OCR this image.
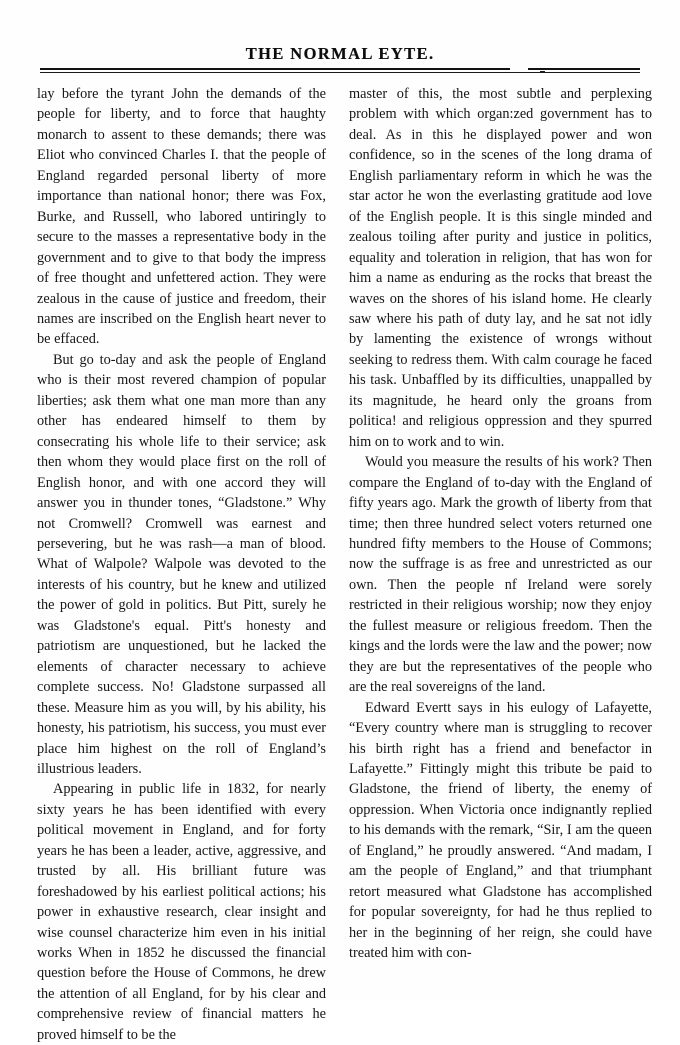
THE NORMAL EYTE.

lay before the tyrant John the demands of the people for liberty, and to force that haughty monarch to assent to these demands; there was Eliot who convinced Charles I. that the people of England regarded personal liberty of more importance than national honor; there was Fox, Burke, and Russell, who labored untiringly to secure to the masses a representative body in the government and to give to that body the impress of free thought and unfettered action. They were zealous in the cause of justice and freedom, their names are inscribed on the English heart never to be effaced.

But go to-day and ask the people of England who is their most revered champion of popular liberties; ask them what one man more than any other has endeared himself to them by consecrating his whole life to their service; ask then whom they would place first on the roll of English honor, and with one accord they will answer you in thunder tones, “Gladstone.” Why not Cromwell? Cromwell was earnest and persevering, but he was rash—a man of blood. What of Walpole? Walpole was devoted to the interests of his country, but he knew and utilized the power of gold in politics. But Pitt, surely he was Gladstone's equal. Pitt's honesty and patriotism are unquestioned, but he lacked the elements of character necessary to achieve complete success. No! Gladstone surpassed all these. Measure him as you will, by his ability, his honesty, his patriotism, his success, you must ever place him highest on the roll of England’s illustrious leaders.

Appearing in public life in 1832, for nearly sixty years he has been identified with every political movement in England, and for forty years he has been a leader, active, aggressive, and trusted by all. His brilliant future was foreshadowed by his earliest political actions; his power in exhaustive research, clear insight and wise counsel characterize him even in his initial works When in 1852 he discussed the financial question before the House of Commons, he drew the attention of all England, for by his clear and comprehensive review of financial matters he proved himself to be the

master of this, the most subtle and perplexing problem with which organ:zed government has to deal. As in this he displayed power and won confidence, so in the scenes of the long drama of English parliamentary reform in which he was the star actor he won the everlasting gratitude aod love of the English people. It is this single minded and zealous toiling after purity and justice in politics, equality and toleration in religion, that has won for him a name as enduring as the rocks that breast the waves on the shores of his island home. He clearly saw where his path of duty lay, and he sat not idly by lamenting the existence of wrongs without seeking to redress them. With calm courage he faced his task. Unbaffled by its difficulties, unappalled by its magnitude, he heard only the groans from politica! and religious oppression and they spurred him on to work and to win.

Would you measure the results of his work? Then compare the England of to-day with the England of fifty years ago. Mark the growth of liberty from that time; then three hundred select voters returned one hundred fifty members to the House of Commons; now the suffrage is as free and unrestricted as our own. Then the people nf Ireland were sorely restricted in their religious worship; now they enjoy the fullest measure or religious freedom. Then the kings and the lords were the law and the power; now they are but the representatives of the people who are the real sovereigns of the land.

Edward Evertt says in his eulogy of Lafayette, “Every country where man is struggling to recover his birth right has a friend and benefactor in Lafayette.” Fittingly might this tribute be paid to Gladstone, the friend of liberty, the enemy of oppression. When Victoria once indignantly replied to his demands with the remark, “Sir, I am the queen of England,” he proudly answered. “And madam, I am the people of England,” and that triumphant retort measured what Gladstone has accomplished for popular sovereignty, for had he thus replied to her in the beginning of her reign, she could have treated him with con-
